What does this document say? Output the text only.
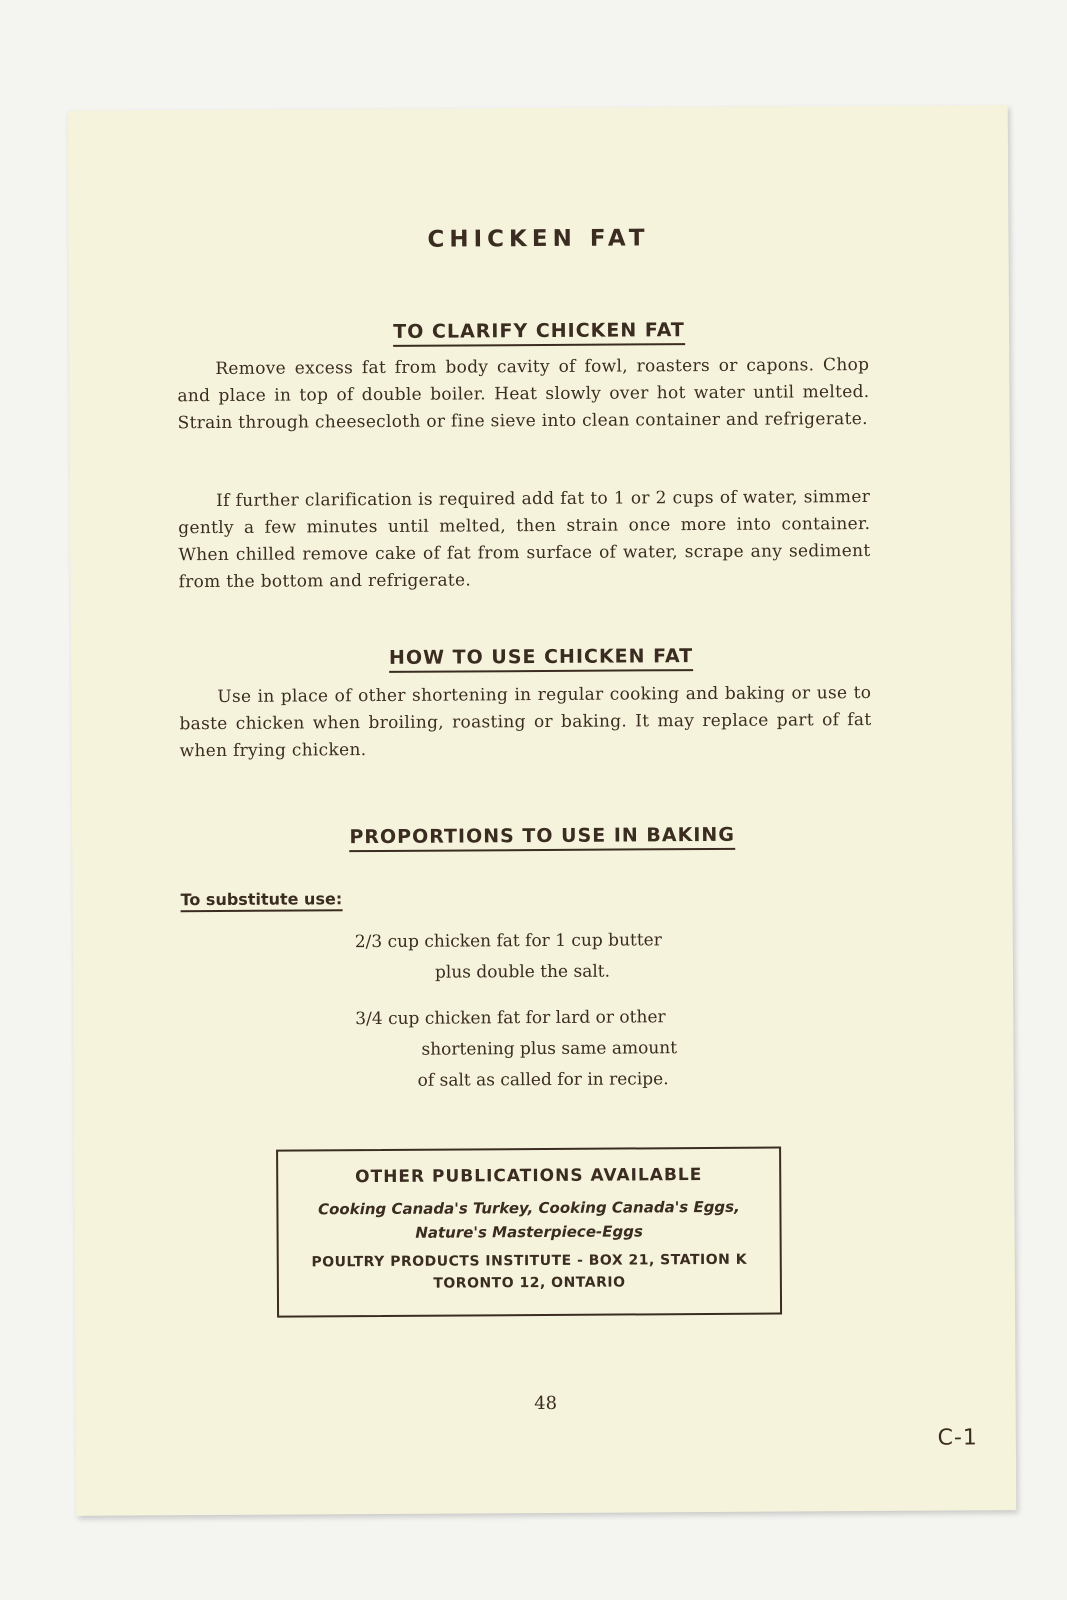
CHICKEN FAT
TO CLARIFY CHICKEN FAT

Remove excess fat from body cavity of fowl, roasters or capons. Chop and place in top of double boiler. Heat slowly over hot water until melted. Strain through cheesecloth or fine sieve into clean container and refrigerate.

If further clarification is required add fat to 1 or 2 cups of water, simmer gently a few minutes until melted, then strain once more into container. When chilled remove cake of fat from surface of water, scrape any sediment from the bottom and refrigerate.

HOW TO USE CHICKEN FAT

Use in place of other shortening in regular cooking and baking or use to baste chicken when broiling, roasting or baking. It may replace part of fat when frying chicken.

PROPORTIONS TO USE IN BAKING
To substitute use:
2/3 cup chicken fat for 1 cup butter
plus double the salt.
3/4 cup chicken fat for lard or other
shortening plus same amount
of salt as called for in recipe.
OTHER PUBLICATIONS AVAILABLE
Cooking Canada's Turkey, Cooking Canada's Eggs,
Nature's Masterpiece-Eggs
POULTRY PRODUCTS INSTITUTE - BOX 21, STATION K
TORONTO 12, ONTARIO
48
C-1
